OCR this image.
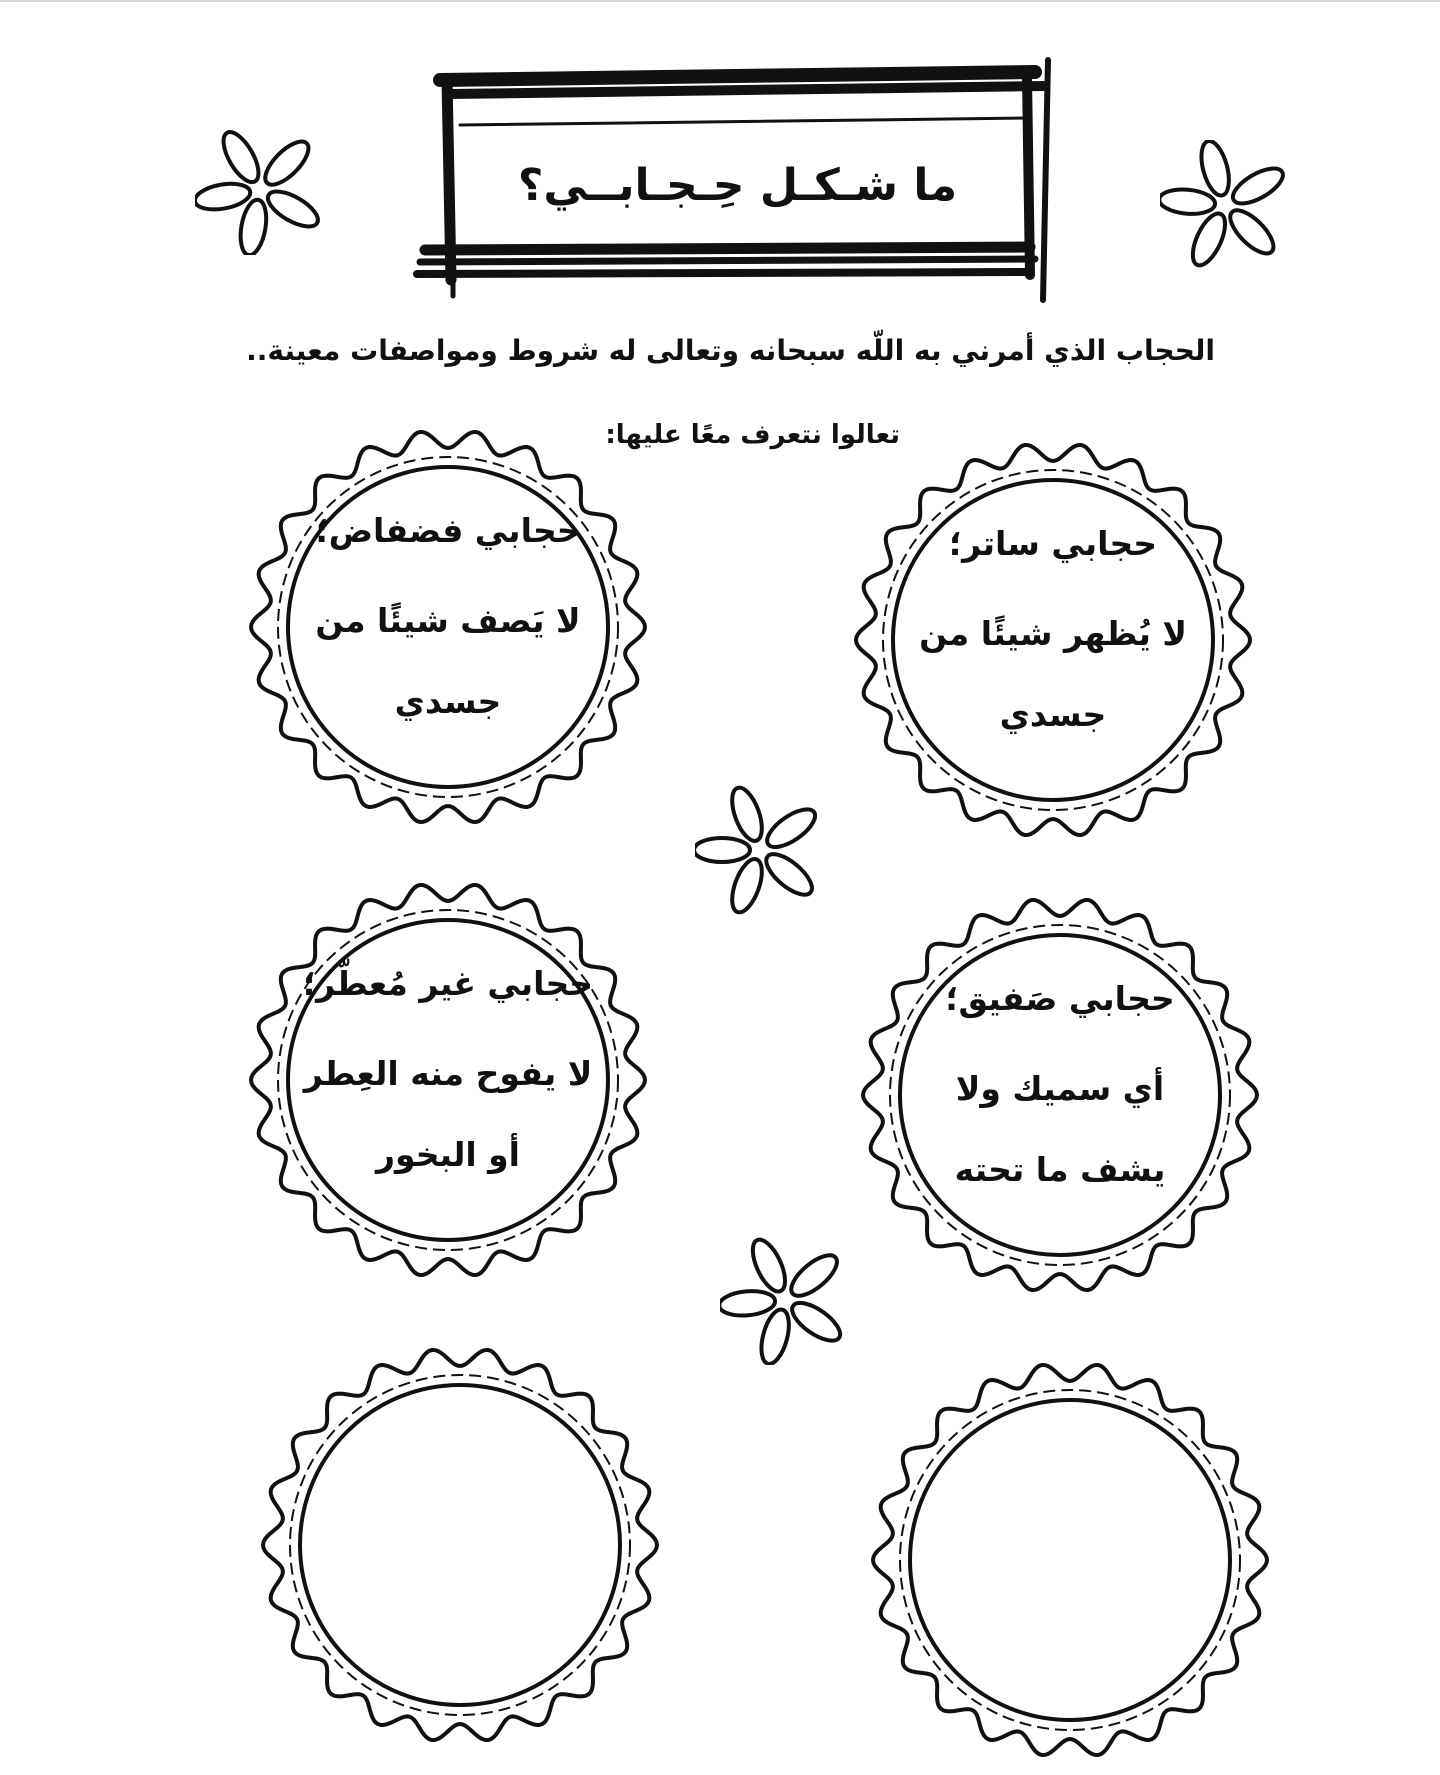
ما شـكـل حِـجـابــي؟
الحجاب الذي أمرني به اللّه سبحانه وتعالى له شروط ومواصفات معينة..
تعالوا نتعرف معًا عليها:
حجابي ساتر؛
لا يُظهر شيئًا من جسدي
حجابي فضفاض؛
لا يَصف شيئًا من جسدي
حجابي صَفيق؛
أي سميك ولا يشف ما تحته
حجابي غير مُعطّر؛
لا يفوح منه العِطر أو البخور
